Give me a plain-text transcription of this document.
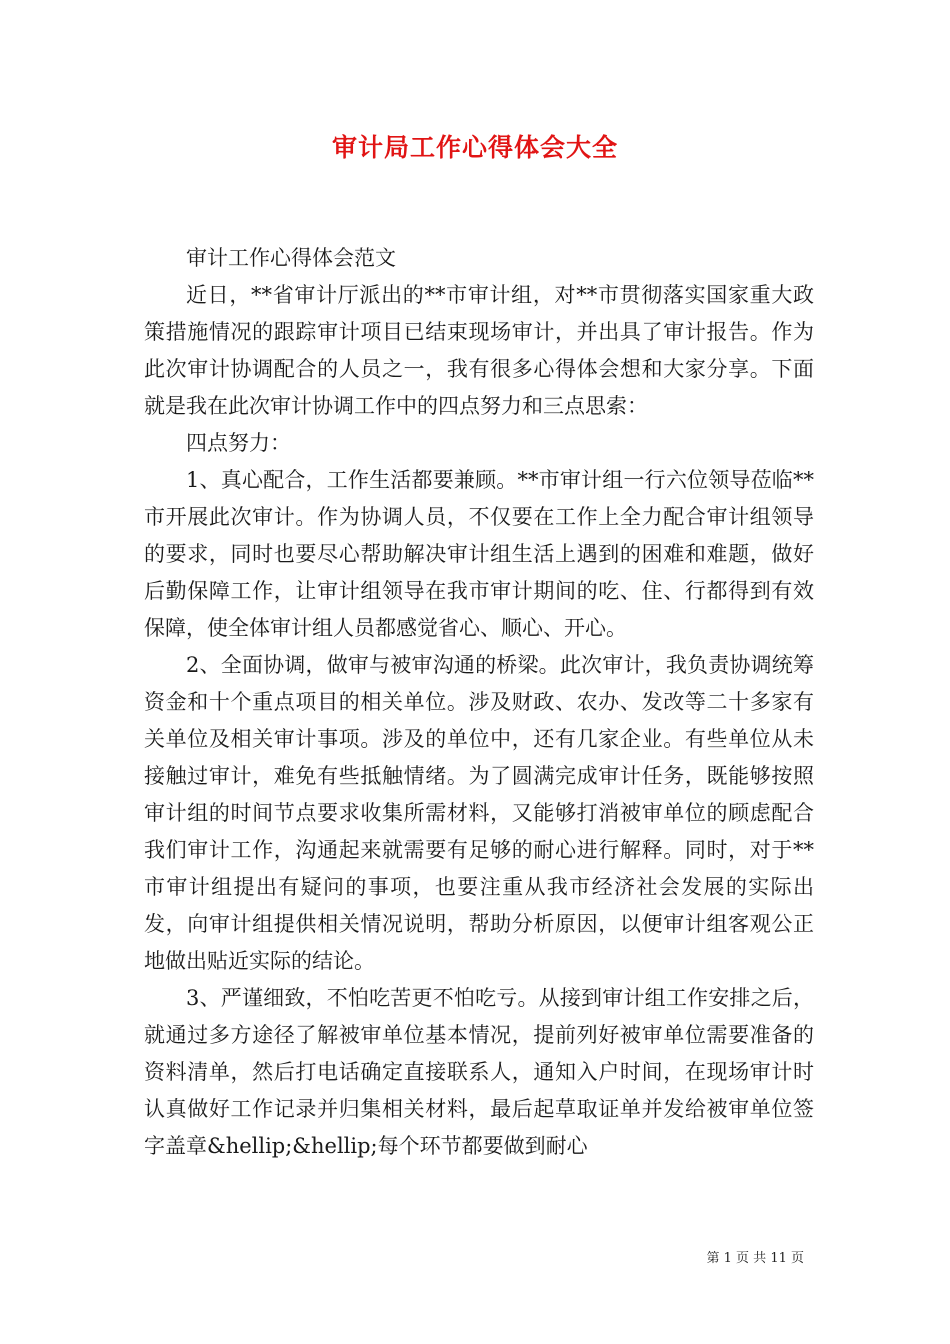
审计局工作心得体会大全

审计工作心得体会范文

近日，**省审计厅派出的**市审计组，对**市贯彻落实国家重大政策措施情况的跟踪审计项目已结束现场审计，并出具了审计报告。作为此次审计协调配合的人员之一，我有很多心得体会想和大家分享。下面就是我在此次审计协调工作中的四点努力和三点思索：

四点努力：

1、真心配合，工作生活都要兼顾。**市审计组一行六位领导莅临**市开展此次审计。作为协调人员，不仅要在工作上全力配合审计组领导的要求，同时也要尽心帮助解决审计组生活上遇到的困难和难题，做好后勤保障工作，让审计组领导在我市审计期间的吃、住、行都得到有效保障，使全体审计组人员都感觉省心、顺心、开心。

2、全面协调，做审与被审沟通的桥梁。此次审计，我负责协调统筹资金和十个重点项目的相关单位。涉及财政、农办、发改等二十多家有关单位及相关审计事项。涉及的单位中，还有几家企业。有些单位从未接触过审计，难免有些抵触情绪。为了圆满完成审计任务，既能够按照审计组的时间节点要求收集所需材料，又能够打消被审单位的顾虑配合我们审计工作，沟通起来就需要有足够的耐心进行解释。同时，对于**市审计组提出有疑问的事项，也要注重从我市经济社会发展的实际出发，向审计组提供相关情况说明，帮助分析原因，以便审计组客观公正地做出贴近实际的结论。

3、严谨细致，不怕吃苦更不怕吃亏。从接到审计组工作安排之后，就通过多方途径了解被审单位基本情况，提前列好被审单位需要准备的资料清单，然后打电话确定直接联系人，通知入户时间，在现场审计时认真做好工作记录并归集相关材料，最后起草取证单并发给被审单位签字盖章&hellip;&hellip;每个环节都要做到耐心

第 1 页 共 11 页
